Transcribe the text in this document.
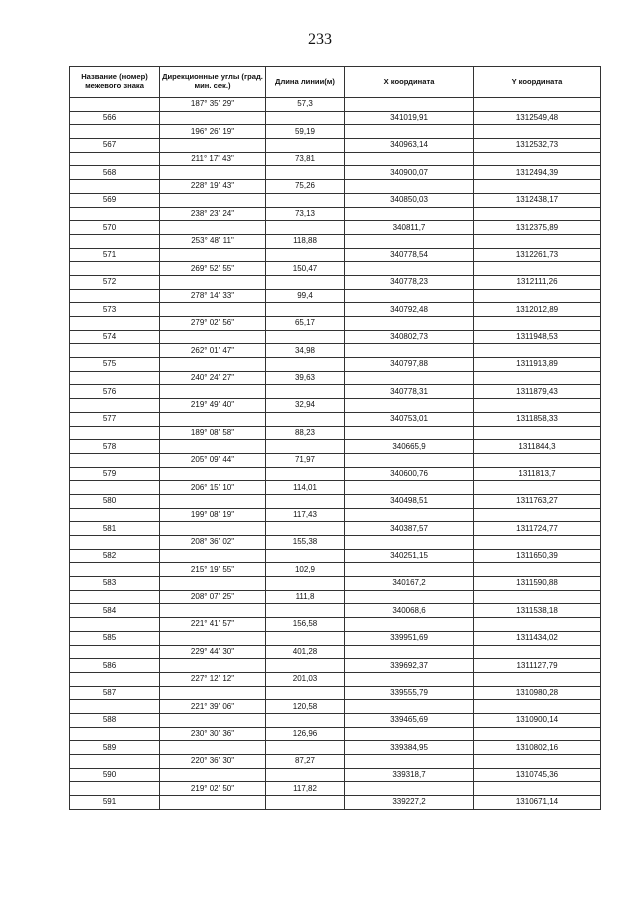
233
Название (номер) межевого знака	Дирекционные углы (град. мин. сек.)	Длина линии(м)	X координата	Y координата
	187° 35' 29"	57,3		
566			341019,91	1312549,48
	196° 26' 19"	59,19		
567			340963,14	1312532,73
	211° 17' 43"	73,81		
568			340900,07	1312494,39
	228° 19' 43"	75,26		
569			340850,03	1312438,17
	238° 23' 24"	73,13		
570			340811,7	1312375,89
	253° 48' 11"	118,88		
571			340778,54	1312261,73
	269° 52' 55"	150,47		
572			340778,23	1312111,26
	278° 14' 33"	99,4		
573			340792,48	1312012,89
	279° 02' 56"	65,17		
574			340802,73	1311948,53
	262° 01' 47"	34,98		
575			340797,88	1311913,89
	240° 24' 27"	39,63		
576			340778,31	1311879,43
	219° 49' 40"	32,94		
577			340753,01	1311858,33
	189° 08' 58"	88,23		
578			340665,9	1311844,3
	205° 09' 44"	71,97		
579			340600,76	1311813,7
	206° 15' 10"	114,01		
580			340498,51	1311763,27
	199° 08' 19"	117,43		
581			340387,57	1311724,77
	208° 36' 02"	155,38		
582			340251,15	1311650,39
	215° 19' 55"	102,9		
583			340167,2	1311590,88
	208° 07' 25"	111,8		
584			340068,6	1311538,18
	221° 41' 57"	156,58		
585			339951,69	1311434,02
	229° 44' 30"	401,28		
586			339692,37	1311127,79
	227° 12' 12"	201,03		
587			339555,79	1310980,28
	221° 39' 06"	120,58		
588			339465,69	1310900,14
	230° 30' 36"	126,96		
589			339384,95	1310802,16
	220° 36' 30"	87,27		
590			339318,7	1310745,36
	219° 02' 50"	117,82		
591			339227,2	1310671,14
